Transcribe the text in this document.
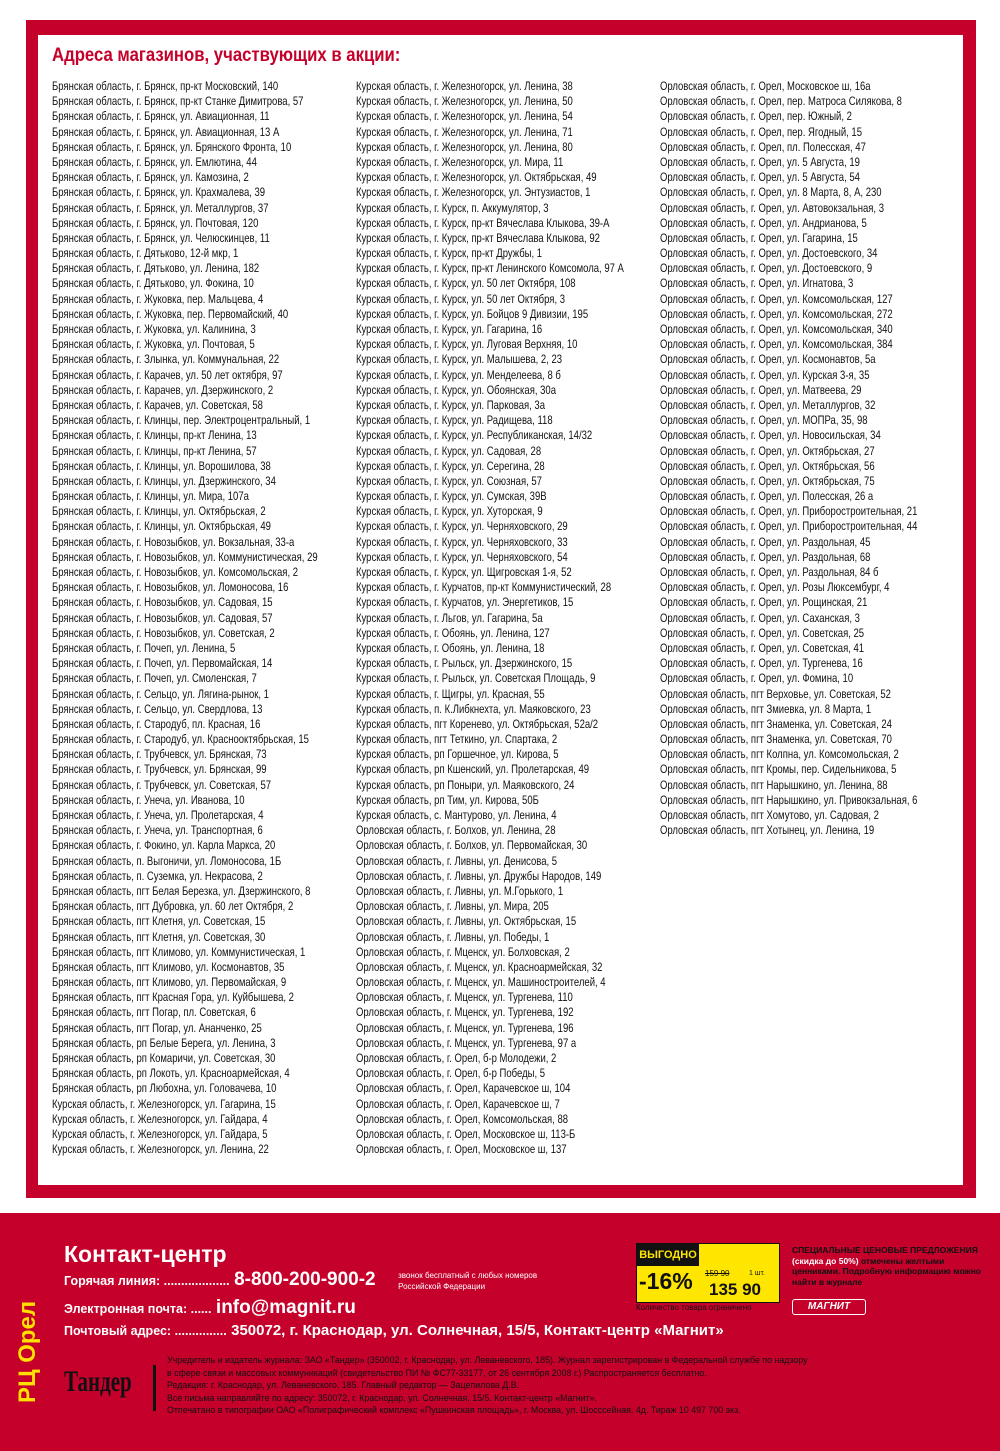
Адреса магазинов, участвующих в акции:
Брянская область, г. Брянск, пр-кт Московский, 140
Брянская область, г. Брянск, пр-кт Станке Димитрова, 57
Брянская область, г. Брянск, ул. Авиационная, 11
Брянская область, г. Брянск, ул. Авиационная, 13 А
Брянская область, г. Брянск, ул. Брянского Фронта, 10
Брянская область, г. Брянск, ул. Емлютина, 44
Брянская область, г. Брянск, ул. Камозина, 2
Брянская область, г. Брянск, ул. Крахмалева, 39
Брянская область, г. Брянск, ул. Металлургов, 37
Брянская область, г. Брянск, ул. Почтовая, 120
Брянская область, г. Брянск, ул. Челюскинцев, 11
Брянская область, г. Дятьково, 12-й мкр, 1
Брянская область, г. Дятьково, ул. Ленина, 182
Брянская область, г. Дятьково, ул. Фокина, 10
Брянская область, г. Жуковка, пер. Мальцева, 4
Брянская область, г. Жуковка, пер. Первомайский, 40
Брянская область, г. Жуковка, ул. Калинина, 3
Брянская область, г. Жуковка, ул. Почтовая, 5
Брянская область, г. Злынка, ул. Коммунальная, 22
Брянская область, г. Карачев, ул. 50 лет октября, 97
Брянская область, г. Карачев, ул. Дзержинского, 2
Брянская область, г. Карачев, ул. Советская, 58
Брянская область, г. Клинцы, пер. Электроцентральный, 1
Брянская область, г. Клинцы, пр-кт Ленина, 13
Брянская область, г. Клинцы, пр-кт Ленина, 57
Брянская область, г. Клинцы, ул. Ворошилова, 38
Брянская область, г. Клинцы, ул. Дзержинского, 34
Брянская область, г. Клинцы, ул. Мира, 107а
Брянская область, г. Клинцы, ул. Октябрьская, 2
Брянская область, г. Клинцы, ул. Октябрьская, 49
Брянская область, г. Новозыбков, ул. Вокзальная, 33-а
Брянская область, г. Новозыбков, ул. Коммунистическая, 29
Брянская область, г. Новозыбков, ул. Комсомольская, 2
Брянская область, г. Новозыбков, ул. Ломоносова, 16
Брянская область, г. Новозыбков, ул. Садовая, 15
Брянская область, г. Новозыбков, ул. Садовая, 57
Брянская область, г. Новозыбков, ул. Советская, 2
Брянская область, г. Почеп, ул. Ленина, 5
Брянская область, г. Почеп, ул. Первомайская, 14
Брянская область, г. Почеп, ул. Смоленская, 7
Брянская область, г. Сельцо, ул. Лягина-рынок, 1
Брянская область, г. Сельцо, ул. Свердлова, 13
Брянская область, г. Стародуб, пл. Красная, 16
Брянская область, г. Стародуб, ул. Краснооктябрьская, 15
Брянская область, г. Трубчевск, ул. Брянская, 73
Брянская область, г. Трубчевск, ул. Брянская, 99
Брянская область, г. Трубчевск, ул. Советская, 57
Брянская область, г. Унеча, ул. Иванова, 10
Брянская область, г. Унеча, ул. Пролетарская, 4
Брянская область, г. Унеча, ул. Транспортная, 6
Брянская область, г. Фокино, ул. Карла Маркса, 20
Брянская область, п. Выгоничи, ул. Ломоносова, 1Б
Брянская область, п. Суземка, ул. Некрасова, 2
Брянская область, пгт Белая Березка, ул. Дзержинского, 8
Брянская область, пгт Дубровка, ул. 60 лет Октября, 2
Брянская область, пгт Клетня, ул. Советская, 15
Брянская область, пгт Клетня, ул. Советская, 30
Брянская область, пгт Климово, ул. Коммунистическая, 1
Брянская область, пгт Климово, ул. Космонавтов, 35
Брянская область, пгт Климово, ул. Первомайская, 9
Брянская область, пгт Красная Гора, ул. Куйбышева, 2
Брянская область, пгт Погар, пл. Советская, 6
Брянская область, пгт Погар, ул. Ананченко, 25
Брянская область, рп Белые Берега, ул. Ленина, 3
Брянская область, рп Комаричи, ул. Советская, 30
Брянская область, рп Локоть, ул. Красноармейская, 4
Брянская область, рп Любохна, ул. Головачева, 10
Курская область, г. Железногорск, ул. Гагарина, 15
Курская область, г. Железногорск, ул. Гайдара, 4
Курская область, г. Железногорск, ул. Гайдара, 5
Курская область, г. Железногорск, ул. Ленина, 22
Курская область, г. Железногорск, ул. Ленина, 38
Курская область, г. Железногорск, ул. Ленина, 50
Курская область, г. Железногорск, ул. Ленина, 54
Курская область, г. Железногорск, ул. Ленина, 71
Курская область, г. Железногорск, ул. Ленина, 80
Курская область, г. Железногорск, ул. Мира, 11
Курская область, г. Железногорск, ул. Октябрьская, 49
Курская область, г. Железногорск, ул. Энтузиастов, 1
Курская область, г. Курск, п. Аккумулятор, 3
Курская область, г. Курск, пр-кт Вячеслава Клыкова, 39-А
Курская область, г. Курск, пр-кт Вячеслава Клыкова, 92
Курская область, г. Курск, пр-кт Дружбы, 1
Курская область, г. Курск, пр-кт Ленинского Комсомола, 97 А
Курская область, г. Курск, ул. 50 лет Октября, 108
Курская область, г. Курск, ул. 50 лет Октября, 3
Курская область, г. Курск, ул. Бойцов 9 Дивизии, 195
Курская область, г. Курск, ул. Гагарина, 16
Курская область, г. Курск, ул. Луговая Верхняя, 10
Курская область, г. Курск, ул. Малышева, 2, 23
Курская область, г. Курск, ул. Менделеева, 8 б
Курская область, г. Курск, ул. Обоянская, 30а
Курская область, г. Курск, ул. Парковая, 3а
Курская область, г. Курск, ул. Радищева, 118
Курская область, г. Курск, ул. Республиканская, 14/32
Курская область, г. Курск, ул. Садовая, 28
Курская область, г. Курск, ул. Серегина, 28
Курская область, г. Курск, ул. Союзная, 57
Курская область, г. Курск, ул. Сумская, 39В
Курская область, г. Курск, ул. Хуторская, 9
Курская область, г. Курск, ул. Черняховского, 29
Курская область, г. Курск, ул. Черняховского, 33
Курская область, г. Курск, ул. Черняховского, 54
Курская область, г. Курск, ул. Щигровская 1-я, 52
Курская область, г. Курчатов, пр-кт Коммунистический, 28
Курская область, г. Курчатов, ул. Энергетиков, 15
Курская область, г. Льгов, ул. Гагарина, 5а
Курская область, г. Обоянь, ул. Ленина, 127
Курская область, г. Обоянь, ул. Ленина, 18
Курская область, г. Рыльск, ул. Дзержинского, 15
Курская область, г. Рыльск, ул. Советская Площадь, 9
Курская область, г. Щигры, ул. Красная, 55
Курская область, п. К.Либкнехта, ул. Маяковского, 23
Курская область, пгт Коренево, ул. Октябрьская, 52а/2
Курская область, пгт Теткино, ул. Спартака, 2
Курская область, рп Горшечное, ул. Кирова, 5
Курская область, рп Кшенский, ул. Пролетарская, 49
Курская область, рп Поныри, ул. Маяковского, 24
Курская область, рп Тим, ул. Кирова, 50Б
Курская область, с. Мантурово, ул. Ленина, 4
Орловская область, г. Болхов, ул. Ленина, 28
Орловская область, г. Болхов, ул. Первомайская, 30
Орловская область, г. Ливны, ул. Денисова, 5
Орловская область, г. Ливны, ул. Дружбы Народов, 149
Орловская область, г. Ливны, ул. М.Горького, 1
Орловская область, г. Ливны, ул. Мира, 205
Орловская область, г. Ливны, ул. Октябрьская, 15
Орловская область, г. Ливны, ул. Победы, 1
Орловская область, г. Мценск, ул. Болховская, 2
Орловская область, г. Мценск, ул. Красноармейская, 32
Орловская область, г. Мценск, ул. Машиностроителей, 4
Орловская область, г. Мценск, ул. Тургенева, 110
Орловская область, г. Мценск, ул. Тургенева, 192
Орловская область, г. Мценск, ул. Тургенева, 196
Орловская область, г. Мценск, ул. Тургенева, 97 а
Орловская область, г. Орел, б-р Молодежи, 2
Орловская область, г. Орел, б-р Победы, 5
Орловская область, г. Орел, Карачевское ш, 104
Орловская область, г. Орел, Карачевское ш, 7
Орловская область, г. Орел, Комсомольская, 88
Орловская область, г. Орел, Московское ш, 113-Б
Орловская область, г. Орел, Московское ш, 137
Орловская область, г. Орел, Московское ш, 16а
Орловская область, г. Орел, пер. Матроса Силякова, 8
Орловская область, г. Орел, пер. Южный, 2
Орловская область, г. Орел, пер. Ягодный, 15
Орловская область, г. Орел, пл. Полесская, 47
Орловская область, г. Орел, ул. 5 Августа, 19
Орловская область, г. Орел, ул. 5 Августа, 54
Орловская область, г. Орел, ул. 8 Марта, 8, А, 230
Орловская область, г. Орел, ул. Автовокзальная, 3
Орловская область, г. Орел, ул. Андрианова, 5
Орловская область, г. Орел, ул. Гагарина, 15
Орловская область, г. Орел, ул. Достоевского, 34
Орловская область, г. Орел, ул. Достоевского, 9
Орловская область, г. Орел, ул. Игнатова, 3
Орловская область, г. Орел, ул. Комсомольская, 127
Орловская область, г. Орел, ул. Комсомольская, 272
Орловская область, г. Орел, ул. Комсомольская, 340
Орловская область, г. Орел, ул. Комсомольская, 384
Орловская область, г. Орел, ул. Космонавтов, 5а
Орловская область, г. Орел, ул. Курская 3-я, 35
Орловская область, г. Орел, ул. Матвеева, 29
Орловская область, г. Орел, ул. Металлургов, 32
Орловская область, г. Орел, ул. МОПРа, 35, 98
Орловская область, г. Орел, ул. Новосильская, 34
Орловская область, г. Орел, ул. Октябрьская, 27
Орловская область, г. Орел, ул. Октябрьская, 56
Орловская область, г. Орел, ул. Октябрьская, 75
Орловская область, г. Орел, ул. Полесская, 26 а
Орловская область, г. Орел, ул. Приборостроительная, 21
Орловская область, г. Орел, ул. Приборостроительная, 44
Орловская область, г. Орел, ул. Раздольная, 45
Орловская область, г. Орел, ул. Раздольная, 68
Орловская область, г. Орел, ул. Раздольная, 84 б
Орловская область, г. Орел, ул. Розы Люксембург, 4
Орловская область, г. Орел, ул. Рощинская, 21
Орловская область, г. Орел, ул. Саханская, 3
Орловская область, г. Орел, ул. Советская, 25
Орловская область, г. Орел, ул. Советская, 41
Орловская область, г. Орел, ул. Тургенева, 16
Орловская область, г. Орел, ул. Фомина, 10
Орловская область, пгт Верховье, ул. Советская, 52
Орловская область, пгт Змиевка, ул. 8 Марта, 1
Орловская область, пгт Знаменка, ул. Советская, 24
Орловская область, пгт Знаменка, ул. Советская, 70
Орловская область, пгт Колпна, ул. Комсомольская, 2
Орловская область, пгт Кромы, пер. Сидельникова, 5
Орловская область, пгт Нарышкино, ул. Ленина, 88
Орловская область, пгт Нарышкино, ул. Привокзальная, 6
Орловская область, пгт Хомутово, ул. Садовая, 2
Орловская область, пгт Хотынец, ул. Ленина, 19
Контакт-центр
Горячая линия: ................... 8-800-200-900-2	звонок бесплатный с любых номеров Российской Федерации
Электронная почта: ...... info@magnit.ru
Почтовый адрес: ............... 350072, г. Краснодар, ул. Солнечная, 15/5, Контакт-центр «Магнит»
РЦ Орел Тандер
Учредитель и издатель журнала: ЗАО «Тандер» (350002, г. Краснодар, ул. Леваневского, 185). Журнал зарегистрирован в Федеральной службе по надзору
в сфере связи и массовых коммуникаций (свидетельство ПИ № ФС77-33177, от 26 сентября 2008 г.) Распространяется бесплатно.
Редакция: г. Краснодар, ул. Леваневского, 185. Главный редактор — Зацепилова Д.В.
Все письма направляйте по адресу: 350072, г. Краснодар, ул. Солнечная, 15/5. Контакт-центр «Магнит».
Отпечатано в типографии ОАО «Полиграфический комплекс «Пушкинская площадь», г. Москва, ул. Шосссейная, 4д. Тираж 10 497 700 экз.
ВЫГОДНО
-16% 159 90	1 шт.
135 90
Количество товара ограничено
СПЕЦИАЛЬНЫЕ ЦЕНОВЫЕ ПРЕДЛОЖЕНИЯ
(скидка до 50%) отмечены желтыми ценниками. Подробную информацию можно найти в журнале
МАГНИТ
